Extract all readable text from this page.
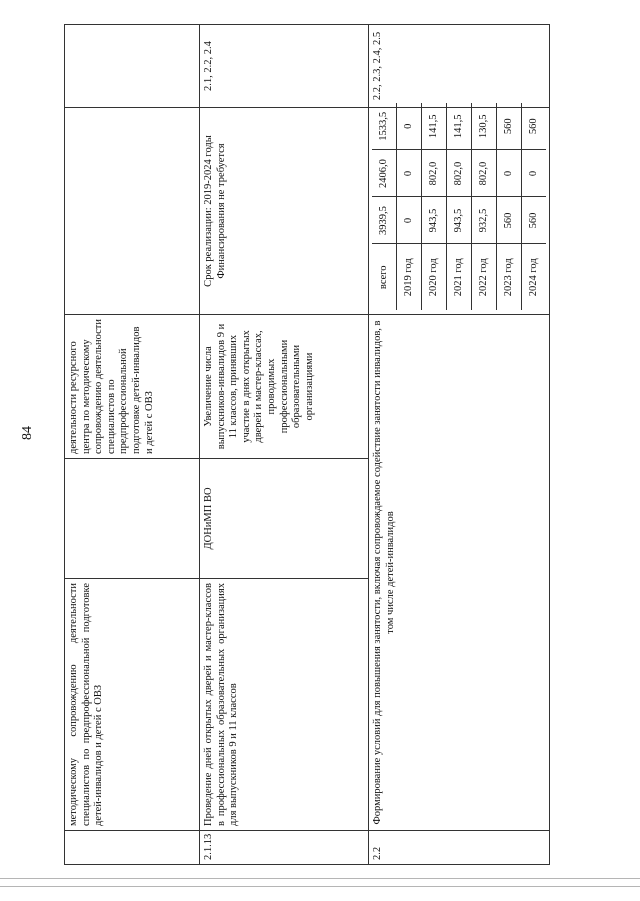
84
	методическому сопровождению деятельности специалистов по предпрофессиональной подготовке детей-инвалидов и детей с ОВЗ		деятельности ресурсного центра по методическому сопровождению деятельности специалистов по предпрофессиональной подготовке детей-инвалидов и детей с ОВЗ		
2.1.13	Проведение дней открытых дверей и мастер-классов в профессиональных образовательных организациях для выпускников 9 и 11 классов	ДОНиМП ВО	Увеличение числа выпускников-инвалидов 9 и 11 классов, принявших участие в днях открытых дверей и мастер-классах, проводимых профессиональными образовательными организациями	Срок реализации: 2019-2024 годы Финансирования не требуется	2.1, 2.2, 2.4
2.2	Формирование условий для повышения занятости, включая сопровождаемое содействие занятости инвалидов, в том числе детей-инвалидов	
всего	3939,5	2406,0	1533,5
2019 год	0	0	0
2020 год	943,5	802,0	141,5
2021 год	943,5	802,0	141,5
2022 год	932,5	802,0	130,5
2023 год	560	0	560
2024 год	560	0	560
	2.2, 2.3, 2.4, 2.5
